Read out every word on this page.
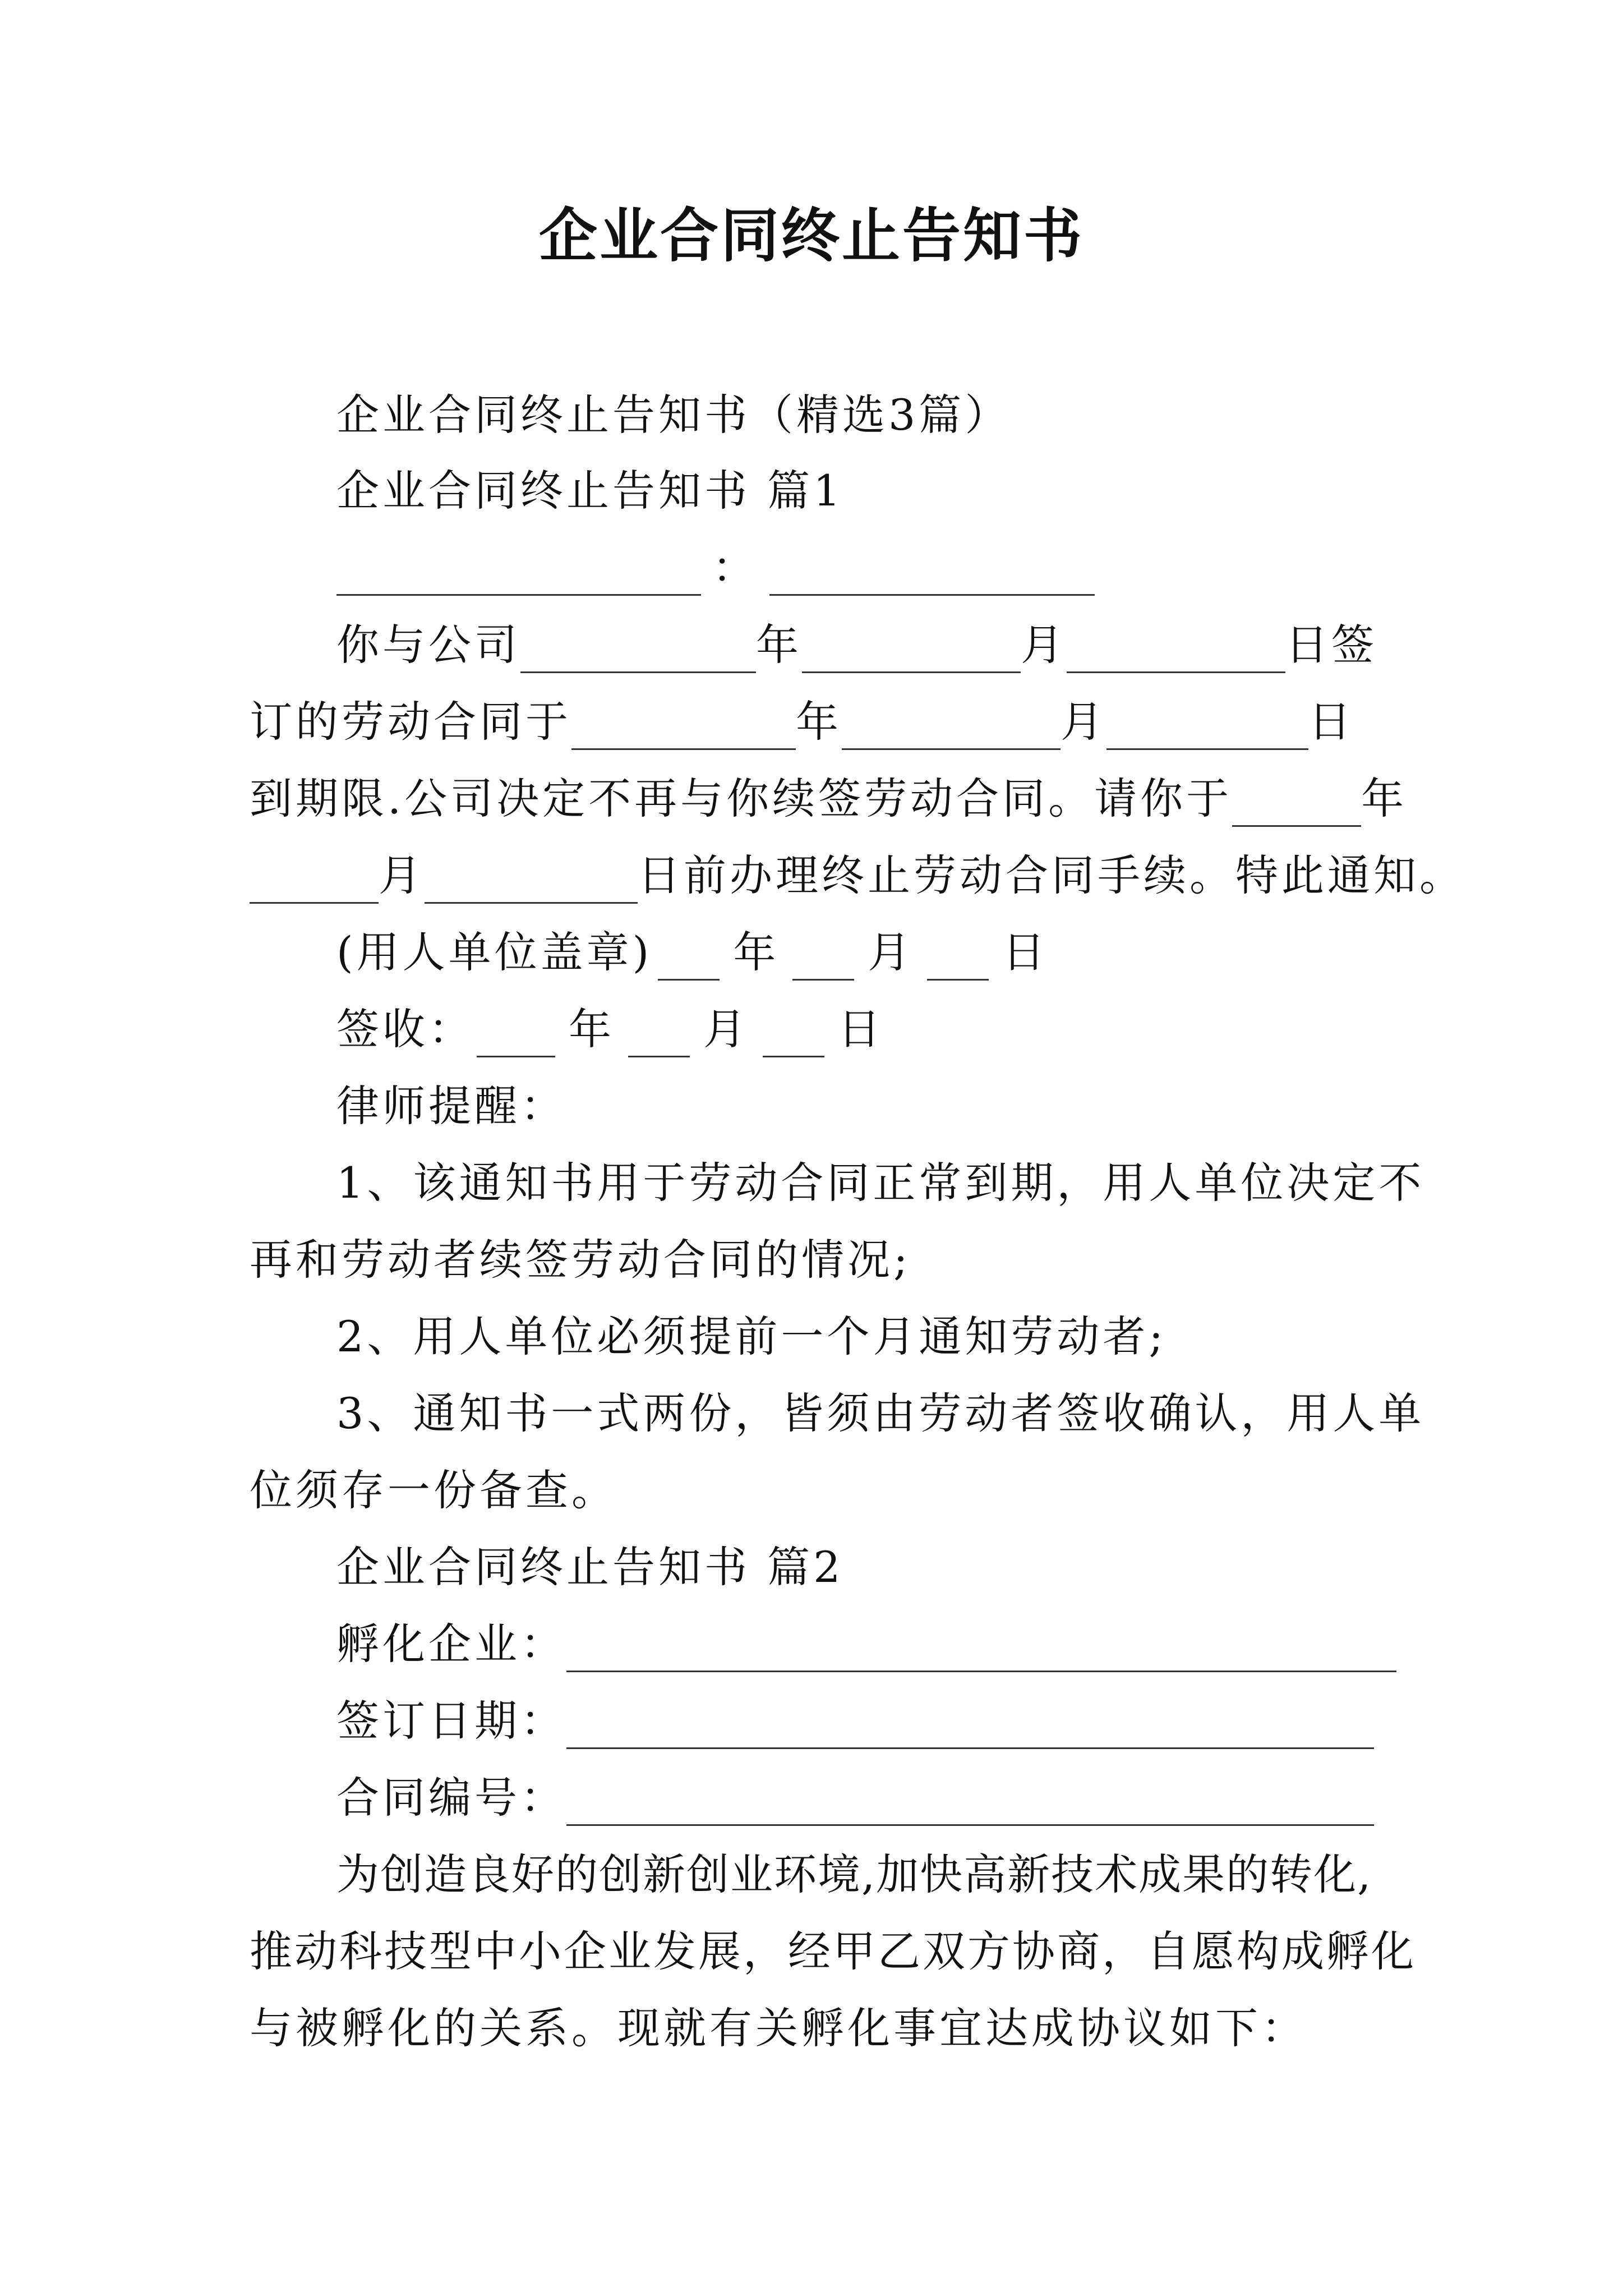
企业合同终止告知书
企业合同终止告知书（精选3篇）
企业合同终止告知书 篇1
：
你与公司	年	月	日签
订的劳动合同于	年	月	日
到期限.公司决定不再与你续签劳动合同。请你于	年
月	日前办理终止劳动合同手续。特此通知。
(用人单位盖章) 年 月 日
签收： 年 月 日
律师提醒：
1、该通知书用于劳动合同正常到期，用人单位决定不
再和劳动者续签劳动合同的情况;
2、用人单位必须提前一个月通知劳动者;
3、通知书一式两份，皆须由劳动者签收确认，用人单
位须存一份备查。
企业合同终止告知书 篇2
孵化企业：
签订日期：
合同编号：
为创造良好的创新创业环境,加快高新技术成果的转化,
推动科技型中小企业发展，经甲乙双方协商，自愿构成孵化
与被孵化的关系。现就有关孵化事宜达成协议如下：
